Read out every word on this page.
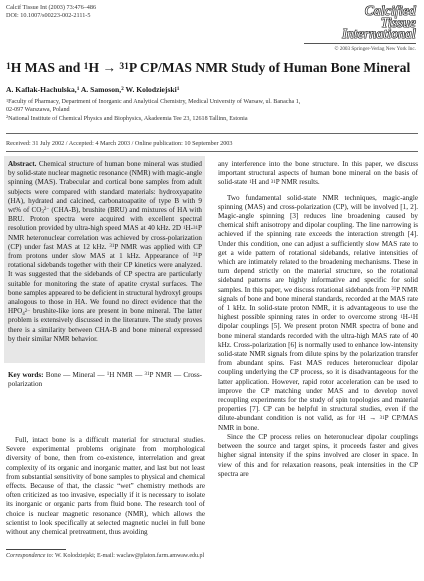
Calcif Tissue Int (2003) 73:476–486
DOI: 10.1007/s00223-002-2111-5	Calcified
Tissue
International
© 2003 Springer-Verlag New York Inc.
$^1$H MAS and $^1$H → $^{31}$P CP/MAS NMR Study of Human Bone Mineral
A. Kaflak-Hachulska,$^1$ A. Samoson,$^2$ W. Kolodziejski$^1$
$^1$Faculty of Pharmacy, Department of Inorganic and Analytical Chemistry, Medical University of Warsaw, ul. Banacha 1,
02-097 Warszawa, Poland
$^2$National Institute of Chemical Physics and Biophysics, Akadeemia Tee 23, 12618 Tallinn, Estonia
Received: 31 July 2002 / Accepted: 4 March 2003 / Online publication: 10 September 2003

Abstract. Chemical structure of human bone mineral was studied by solid-state nuclear magnetic resonance (NMR) with magic-angle spinning (MAS). Trabecular and cortical bone samples from adult subjects were compared with standard materials: hydroxyapatite (HA), hydrated and calcined, carbonatoapatite of type B with 9 wt% of $CO_3^{2-}$ (CHA-B), brushite (BRU) and mixtures of HA with BRU. Proton spectra were acquired with excellent spectral resolution provided by ultra-high speed MAS at 40 kHz. 2D $^1$H-$^{31}$P NMR heteronuclear correlation was achieved by cross-polarization (CP) under fast MAS at 12 kHz. $^{31}$P NMR was applied with CP from protons under slow MAS at 1 kHz. Appearance of $^{31}$P rotational sidebands together with their CP kinetics were analyzed. It was suggested that the sidebands of CP spectra are particularly suitable for monitoring the state of apatite crystal surfaces. The bone samples appeared to be deficient in structural hydroxyl groups analogous to those in HA. We found no direct evidence that the $HPO_4^{2-}$ brushite-like ions are present in bone mineral. The latter problem is extensively discussed in the literature. The study proves there is a similarity between CHA-B and bone mineral expressed by their similar NMR behavior.

Key words: Bone — Mineral — $^1$H NMR — $^{31}$P NMR — Cross-polarization

Full, intact bone is a difficult material for structural studies. Severe experimental problems originate from morphological diversity of bone, then from co-existence, interrelation and great complexity of its organic and inorganic matter, and last but not least from substantial sensitivity of bone samples to physical and chemical effects. Because of that, the classic “wet” chemistry methods are often criticized as too invasive, especially if it is necessary to isolate its inorganic or organic parts from fluid bone. The research tool of choice is nuclear magnetic resonance (NMR), which allows the scientist to look specifically at selected magnetic nuclei in full bone without any chemical pretreatment, thus avoiding

Correspondence to: W. Kolodziejski; E-mail: waclaw@platon.farm.amwaw.edu.pl

any interference into the bone structure. In this paper, we discuss important structural aspects of human bone mineral on the basis of solid-state $^1$H and $^{31}$P NMR results.

Two fundamental solid-state NMR techniques, magic-angle spinning (MAS) and cross-polarization (CP), will be involved [1, 2]. Magic-angle spinning [3] reduces line broadening caused by chemical shift anisotropy and dipolar coupling. The line narrowing is achieved if the spinning rate exceeds the interaction strength [4]. Under this condition, one can adjust a sufficiently slow MAS rate to get a wide pattern of rotational sidebands, relative intensities of which are intimately related to the broadening mechanisms. These in turn depend strictly on the material structure, so the rotational sideband patterns are highly informative and specific for solid samples. In this paper, we discuss rotational sidebands from $^{31}$P NMR signals of bone and bone mineral standards, recorded at the MAS rate of 1 kHz. In solid-state proton NMR, it is advantageous to use the highest possible spinning rates in order to overcome strong $^1$H-$^1$H dipolar couplings [5]. We present proton NMR spectra of bone and bone mineral standards recorded with the ultra-high MAS rate of 40 kHz. Cross-polarization [6] is normally used to enhance low-intensity solid-state NMR signals from dilute spins by the polarization transfer from abundant spins. Fast MAS reduces heteronuclear dipolar coupling underlying the CP process, so it is disadvantageous for the latter application. However, rapid rotor acceleration can be used to improve the CP matching under MAS and to develop novel recoupling experiments for the study of spin topologies and material properties [7]. CP can be helpful in structural studies, even if the dilute-abundant condition is not valid, as for $^1$H → $^{31}$P CP/MAS NMR in bone.

Since the CP process relies on heteronuclear dipolar couplings between the source and target spins, it proceeds faster and gives higher signal intensity if the spins involved are closer in space. In view of this and for relaxation reasons, peak intensities in the CP spectra are
